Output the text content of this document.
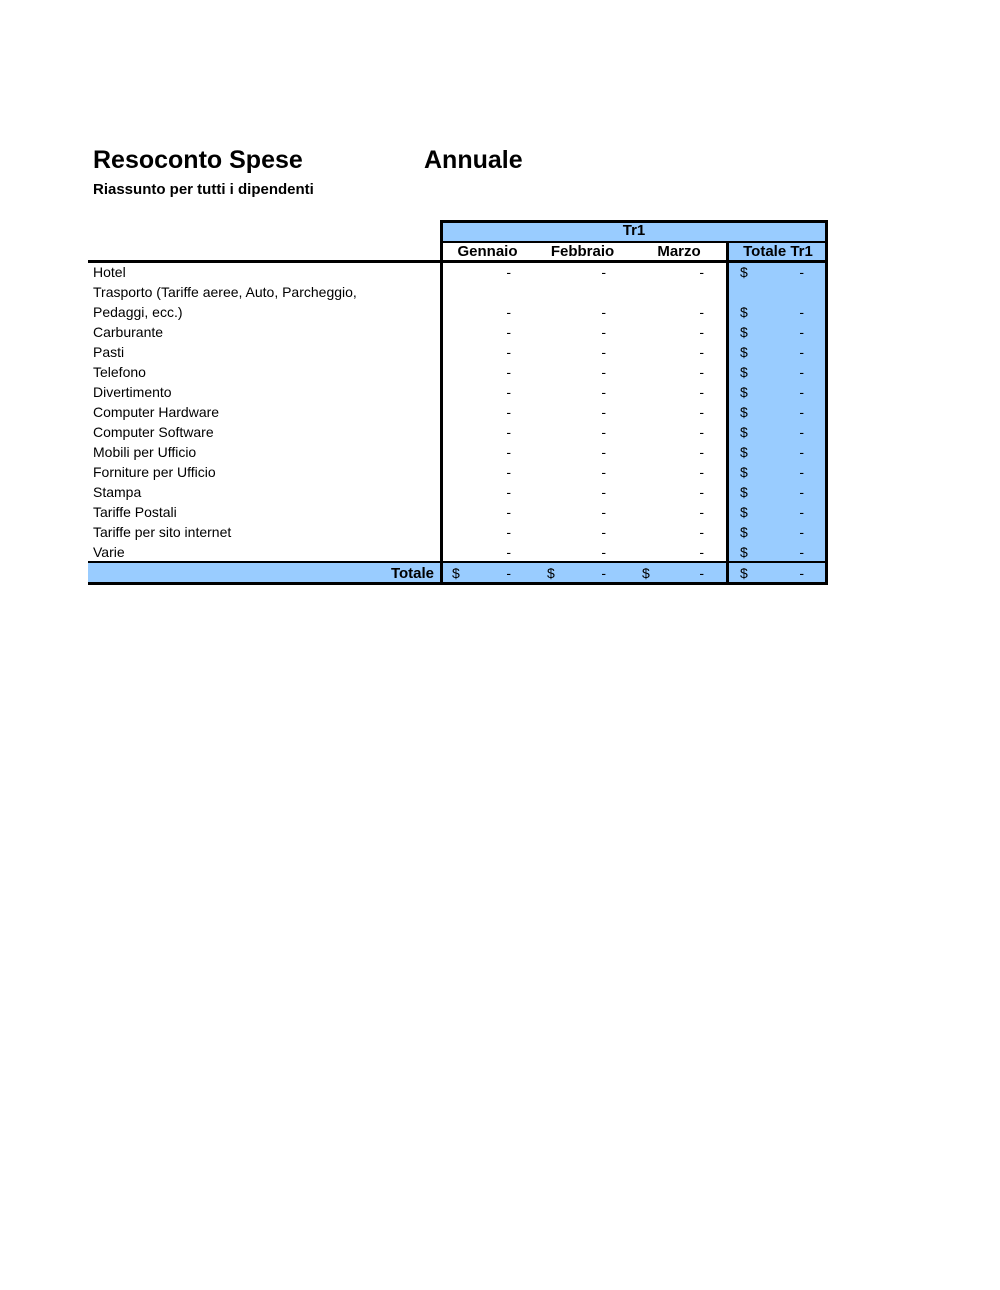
Resoconto Spese	Annuale
Riassunto per tutti i dipendenti
Tr1
Gennaio	Febbraio	Marzo	Totale Tr1
Hotel	-	-	-	$	-
Trasporto (Tariffe aeree, Auto, Parcheggio,
Pedaggi, ecc.)	-	-	-	$	-
Carburante	-	-	-	$	-
Pasti	-	-	-	$	-
Telefono	-	-	-	$	-
Divertimento	-	-	-	$	-
Computer Hardware	-	-	-	$	-
Computer Software	-	-	-	$	-
Mobili per Ufficio	-	-	-	$	-
Forniture per Ufficio	-	-	-	$	-
Stampa	-	-	-	$	-
Tariffe Postali	-	-	-	$	-
Tariffe per sito internet	-	-	-	$	-
Varie	-	-	-	$	-
Totale	$	-	$	-	$	-	$	-
